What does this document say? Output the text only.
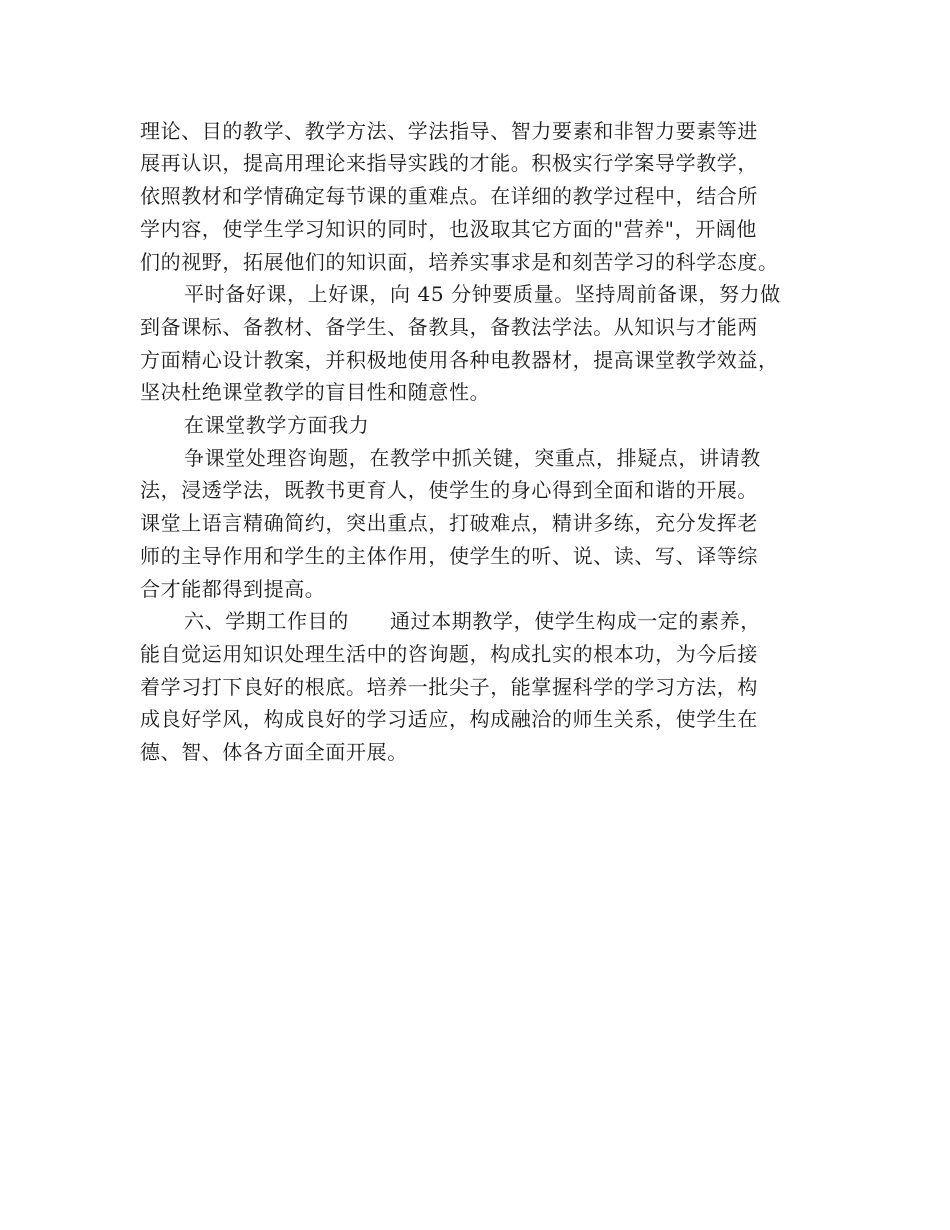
理论、目的教学、教学方法、学法指导、智力要素和非智力要素等进
展再认识，提高用理论来指导实践的才能。积极实行学案导学教学，
依照教材和学情确定每节课的重难点。在详细的教学过程中，结合所
学内容，使学生学习知识的同时，也汲取其它方面的"营养"，开阔他
们的视野，拓展他们的知识面，培养实事求是和刻苦学习的科学态度。
平时备好课，上好课，向 45 分钟要质量。坚持周前备课，努力做
到备课标、备教材、备学生、备教具，备教法学法。从知识与才能两
方面精心设计教案，并积极地使用各种电教器材，提高课堂教学效益，
坚决杜绝课堂教学的盲目性和随意性。
在课堂教学方面我力
争课堂处理咨询题，在教学中抓关键，突重点，排疑点，讲请教
法，浸透学法，既教书更育人，使学生的身心得到全面和谐的开展。
课堂上语言精确简约，突出重点，打破难点，精讲多练，充分发挥老
师的主导作用和学生的主体作用，使学生的听、说、读、写、译等综
合才能都得到提高。
六、学期工作目的　　通过本期教学，使学生构成一定的素养，
能自觉运用知识处理生活中的咨询题，构成扎实的根本功，为今后接
着学习打下良好的根底。培养一批尖子，能掌握科学的学习方法，构
成良好学风，构成良好的学习适应，构成融洽的师生关系，使学生在
德、智、体各方面全面开展。
